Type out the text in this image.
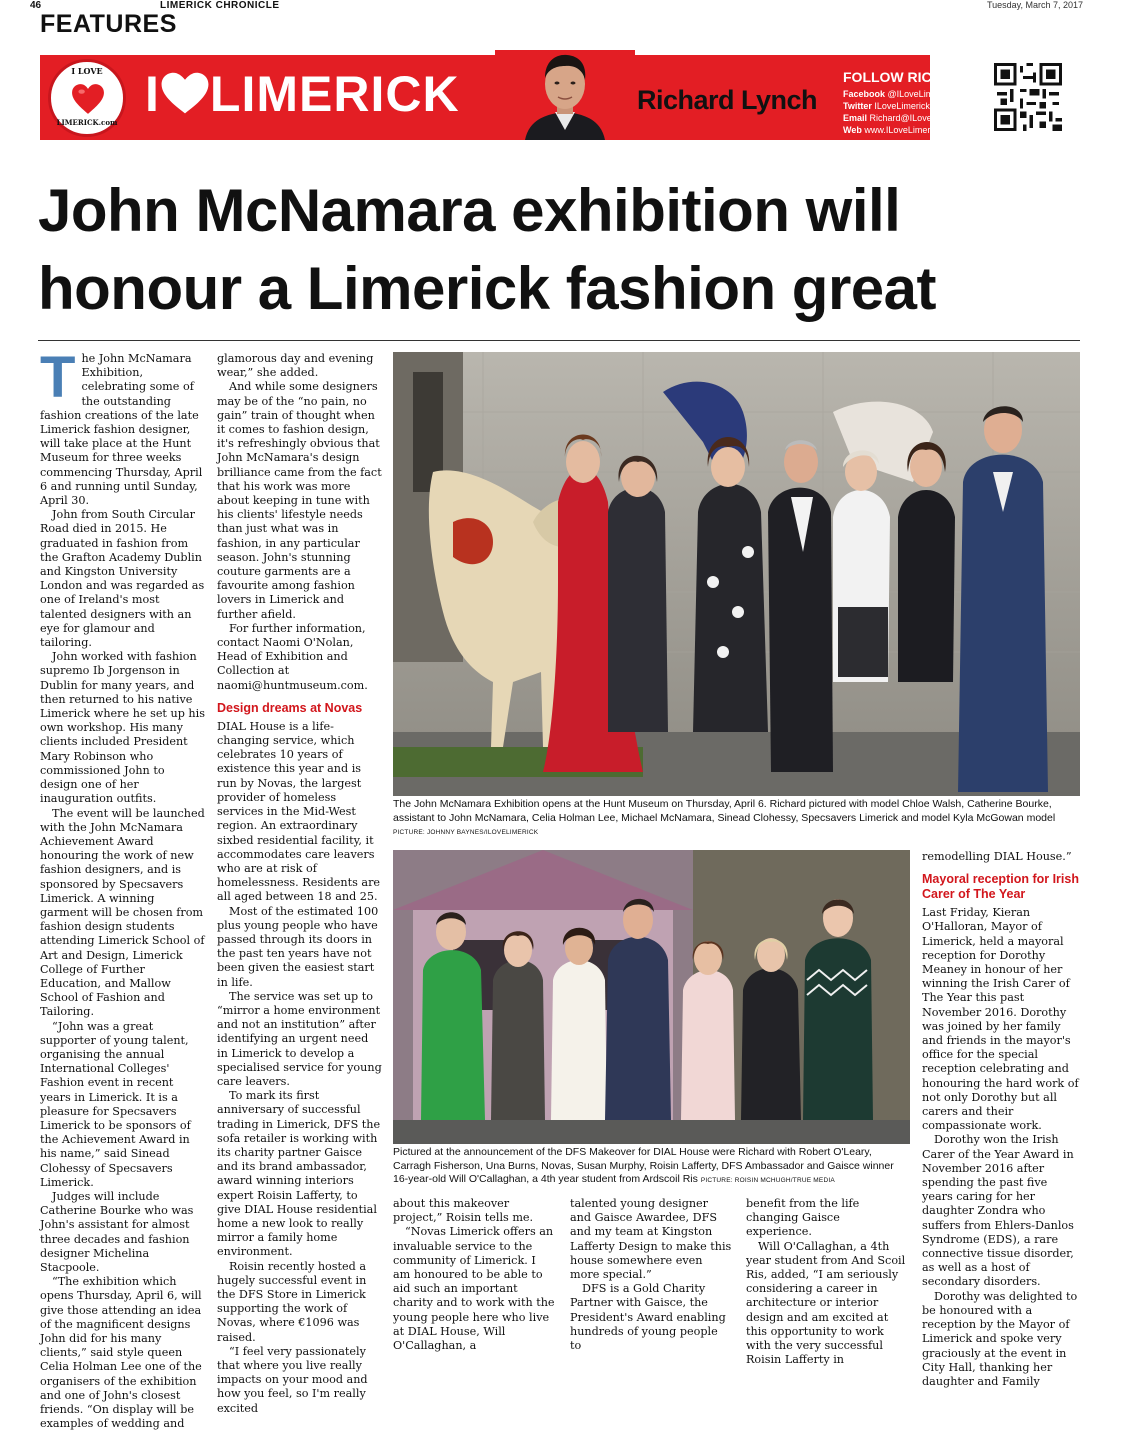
46	LIMERICK CHRONICLE	Tuesday, March 7, 2017
FEATURES
I LOVE
LIMERICK.com
I LIMERICK	Richard Lynch
FOLLOW RICHARD
Facebook @ILoveLimerick
Twitter ILoveLimerick
Email Richard@ILoveLimerick.com
Web www.ILoveLimerick.com
John McNamara exhibition will
honour a Limerick fashion great

The John McNamara Exhibition, celebrating some of the outstanding fashion creations of the late Limerick fashion designer, will take place at the Hunt Museum for three weeks commencing Thursday, April 6 and running until Sunday, April 30.

John from South Circular Road died in 2015. He graduated in fashion from the Grafton Academy Dublin and Kingston University London and was regarded as one of Ireland's most talented designers with an eye for glamour and tailoring.

John worked with fashion supremo Ib Jorgenson in Dublin for many years, and then returned to his native Limerick where he set up his own workshop. His many clients included President Mary Robinson who commissioned John to design one of her inauguration outfits.

The event will be launched with the John McNamara Achievement Award honouring the work of new fashion designers, and is sponsored by Specsavers Limerick. A winning garment will be chosen from fashion design students attending Limerick School of Art and Design, Limerick College of Further Education, and Mallow School of Fashion and Tailoring.

“John was a great supporter of young talent, organising the annual International Colleges' Fashion event in recent years in Limerick. It is a pleasure for Specsavers Limerick to be sponsors of the Achievement Award in his name,” said Sinead Clohessy of Specsavers Limerick.

Judges will include Catherine Bourke who was John's assistant for almost three decades and fashion designer Michelina Stacpoole.

“The exhibition which opens Thursday, April 6, will give those attending an idea of the magnificent designs John did for his many clients,” said style queen Celia Holman Lee one of the organisers of the exhibition and one of John's closest friends. “On display will be examples of wedding and

glamorous day and evening wear,” she added.

And while some designers may be of the “no pain, no gain” train of thought when it comes to fashion design, it's refreshingly obvious that John McNamara's design brilliance came from the fact that his work was more about keeping in tune with his clients' lifestyle needs than just what was in fashion, in any particular season. John's stunning couture garments are a favourite among fashion lovers in Limerick and further afield.

For further information, contact Naomi O'Nolan, Head of Exhibition and Collection at naomi@huntmuseum.com.

Design dreams at Novas

DIAL House is a life-changing service, which celebrates 10 years of existence this year and is run by Novas, the largest provider of homeless services in the Mid-West region. An extraordinary sixbed residential facility, it accommodates care leavers who are at risk of homelessness. Residents are all aged between 18 and 25.

Most of the estimated 100 plus young people who have passed through its doors in the past ten years have not been given the easiest start in life.

The service was set up to “mirror a home environment and not an institution” after identifying an urgent need in Limerick to develop a specialised service for young care leavers.

To mark its first anniversary of successful trading in Limerick, DFS the sofa retailer is working with its charity partner Gaisce and its brand ambassador, award winning interiors expert Roisin Lafferty, to give DIAL House residential home a new look to really mirror a family home environment.

Roisin recently hosted a hugely successful event in the DFS Store in Limerick supporting the work of Novas, where €1096 was raised.

“I feel very passionately that where you live really impacts on your mood and how you feel, so I'm really excited

The John McNamara Exhibition opens at the Hunt Museum on Thursday, April 6. Richard pictured with model Chloe Walsh, Catherine Bourke, assistant to John McNamara, Celia Holman Lee, Michael McNamara, Sinead Clohessy, Specsavers Limerick and model Kyla McGowan model PICTURE: JOHNNY BAYNES/ILOVELIMERICK
Pictured at the announcement of the DFS Makeover for DIAL House were Richard with Robert O'Leary, Carragh Fisherson, Una Burns, Novas, Susan Murphy, Roisin Lafferty, DFS Ambassador and Gaisce winner 16-year-old Will O'Callaghan, a 4th year student from Ardscoil Ris PICTURE: ROISIN MCHUGH/TRUE MEDIA

about this makeover project,” Roisin tells me.

“Novas Limerick offers an invaluable service to the community of Limerick. I am honoured to be able to aid such an important charity and to work with the young people here who live at DIAL House, Will O'Callaghan, a

talented young designer and Gaisce Awardee, DFS and my team at Kingston Lafferty Design to make this house somewhere even more special.”

DFS is a Gold Charity Partner with Gaisce, the President's Award enabling hundreds of young people to

benefit from the life changing Gaisce experience.

Will O'Callaghan, a 4th year student from And Scoil Ris, added, “I am seriously considering a career in architecture or interior design and am excited at this opportunity to work with the very successful Roisin Lafferty in

remodelling DIAL House.”

Mayoral reception for Irish Carer of The Year

Last Friday, Kieran O'Halloran, Mayor of Limerick, held a mayoral reception for Dorothy Meaney in honour of her winning the Irish Carer of The Year this past November 2016. Dorothy was joined by her family and friends in the mayor's office for the special reception celebrating and honouring the hard work of not only Dorothy but all carers and their compassionate work.

Dorothy won the Irish Carer of the Year Award in November 2016 after spending the past five years caring for her daughter Zondra who suffers from Ehlers-Danlos Syndrome (EDS), a rare connective tissue disorder, as well as a host of secondary disorders.

Dorothy was delighted to be honoured with a reception by the Mayor of Limerick and spoke very graciously at the event in City Hall, thanking her daughter and Family
